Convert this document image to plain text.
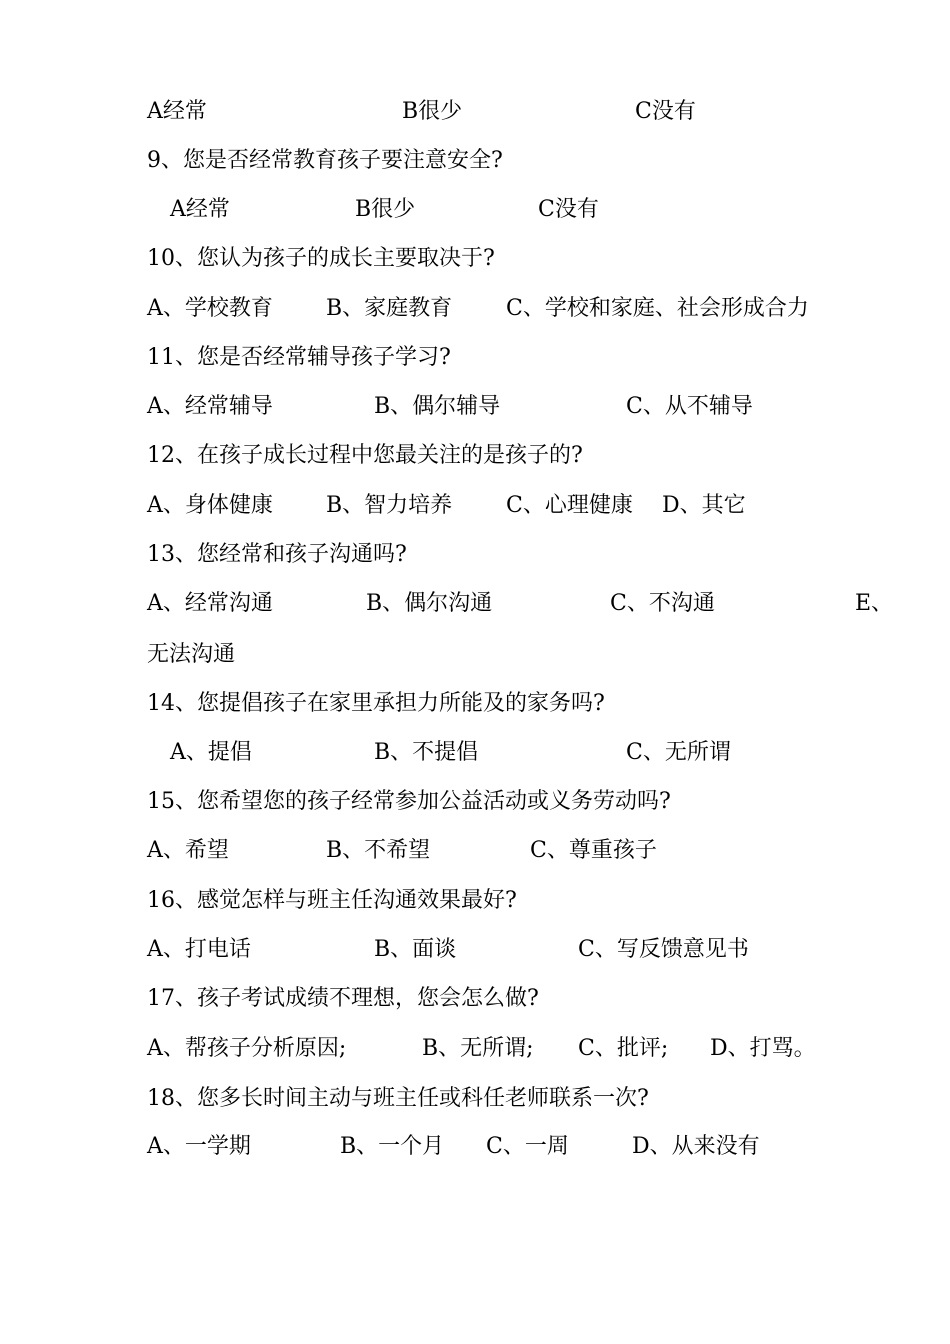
A经常	B很少	C没有
9、您是否经常教育孩子要注意安全?
A经常	B很少	C没有
10、您认为孩子的成长主要取决于?
A、学校教育 B、家庭教育 C、学校和家庭、社会形成合力
11、您是否经常辅导孩子学习?
A、经常辅导	B、偶尔辅导	C、从不辅导
12、在孩子成长过程中您最关注的是孩子的?
A、身体健康 B、智力培养 C、心理健康 D、其它
13、您经常和孩子沟通吗?
A、经常沟通	B、偶尔沟通	C、不沟通	E、
无法沟通
14、您提倡孩子在家里承担力所能及的家务吗?
A、提倡	B、不提倡	C、无所谓
15、您希望您的孩子经常参加公益活动或义务劳动吗?
A、希望	B、不希望	C、尊重孩子
16、感觉怎样与班主任沟通效果最好?
A、打电话	B、面谈	C、写反馈意见书
17、孩子考试成绩不理想，您会怎么做?
A、帮孩子分析原因;	B、无所谓; C、批评; D、打骂。
18、您多长时间主动与班主任或科任老师联系一次?
A、一学期	B、一个月 C、一周	D、从来没有
